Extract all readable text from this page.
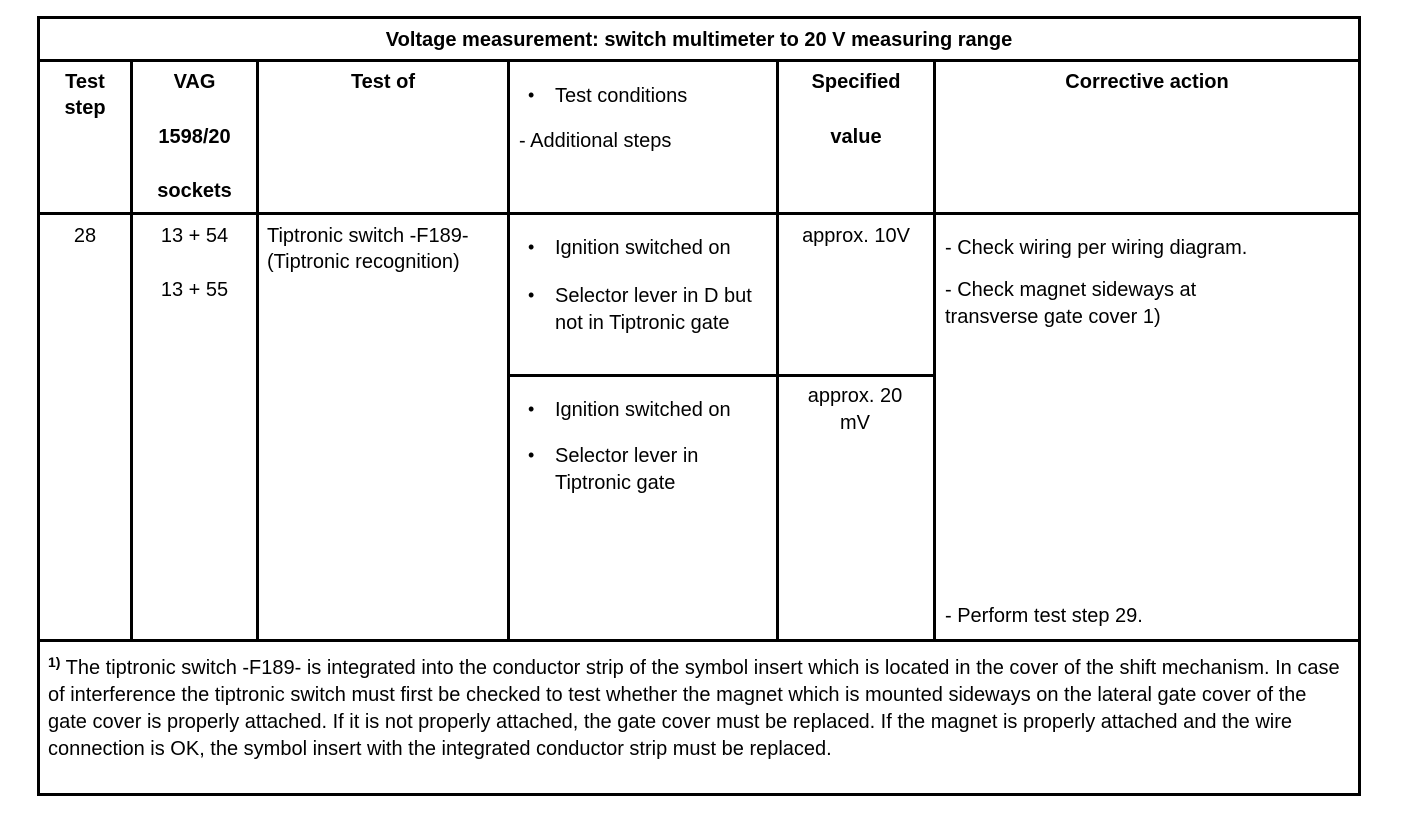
Voltage measurement: switch multimeter to 20 V measuring range
Test
step
VAG
1598/20
sockets
Test of
• Test conditions
- Additional steps
Specified
value
Corrective action
28	13 + 54
13 + 55
Tiptronic switch -F189- (Tiptronic recognition)
• Ignition switched on
• Selector lever in D but not in Tiptronic gate
approx. 10V
• Ignition switched on
• Selector lever in Tiptronic gate
approx. 20 mV
- Check wiring per wiring diagram.
- Check magnet sideways at transverse gate cover 1)
- Perform test step 29.
$^{1)}$ The tiptronic switch -F189- is integrated into the conductor strip of the symbol insert which is located in the cover of the shift mechanism. In case of interference the tiptronic switch must first be checked to test whether the magnet which is mounted sideways on the lateral gate cover of the gate cover is properly attached. If it is not properly attached, the gate cover must be replaced. If the magnet is properly attached and the wire connection is OK, the symbol insert with the integrated conductor strip must be replaced.
